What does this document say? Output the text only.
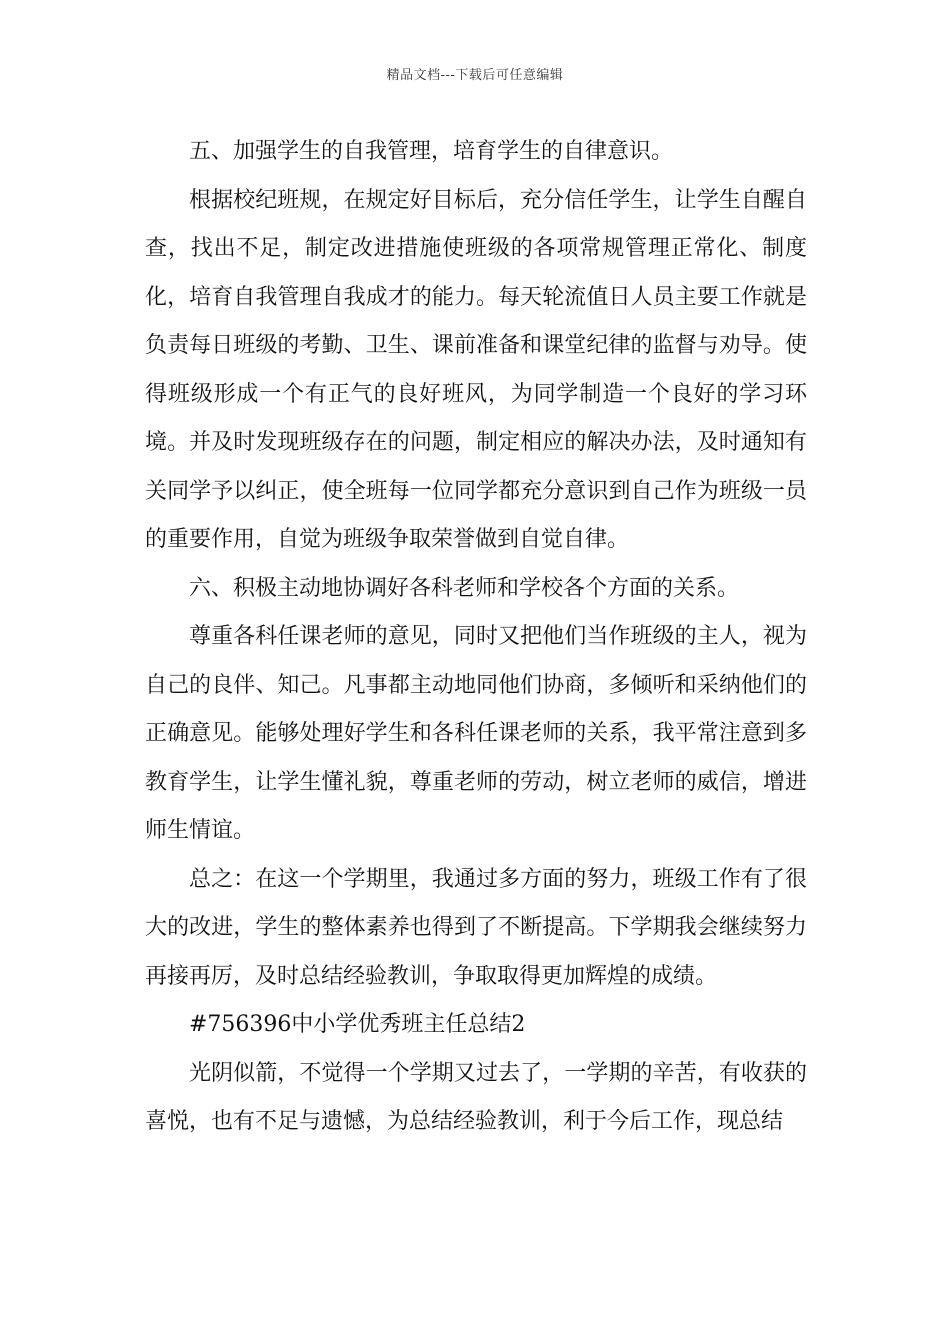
精品文档---下载后可任意编辑

五、加强学生的自我管理，培育学生的自律意识。

根据校纪班规，在规定好目标后，充分信任学生，让学生自醒自查，找出不足，制定改进措施使班级的各项常规管理正常化、制度化，培育自我管理自我成才的能力。每天轮流值日人员主要工作就是负责每日班级的考勤、卫生、课前准备和课堂纪律的监督与劝导。使得班级形成一个有正气的良好班风，为同学制造一个良好的学习环境。并及时发现班级存在的问题，制定相应的解决办法，及时通知有关同学予以纠正，使全班每一位同学都充分意识到自己作为班级一员的重要作用，自觉为班级争取荣誉做到自觉自律。

六、积极主动地协调好各科老师和学校各个方面的关系。

尊重各科任课老师的意见，同时又把他们当作班级的主人，视为自己的良伴、知己。凡事都主动地同他们协商，多倾听和采纳他们的正确意见。能够处理好学生和各科任课老师的关系，我平常注意到多教育学生，让学生懂礼貌，尊重老师的劳动，树立老师的威信，增进师生情谊。

总之：在这一个学期里，我通过多方面的努力，班级工作有了很大的改进，学生的整体素养也得到了不断提高。下学期我会继续努力再接再厉，及时总结经验教训，争取取得更加辉煌的成绩。

#756396中小学优秀班主任总结2

光阴似箭，不觉得一个学期又过去了，一学期的辛苦，有收获的喜悦，也有不足与遗憾，为总结经验教训，利于今后工作，现总结
